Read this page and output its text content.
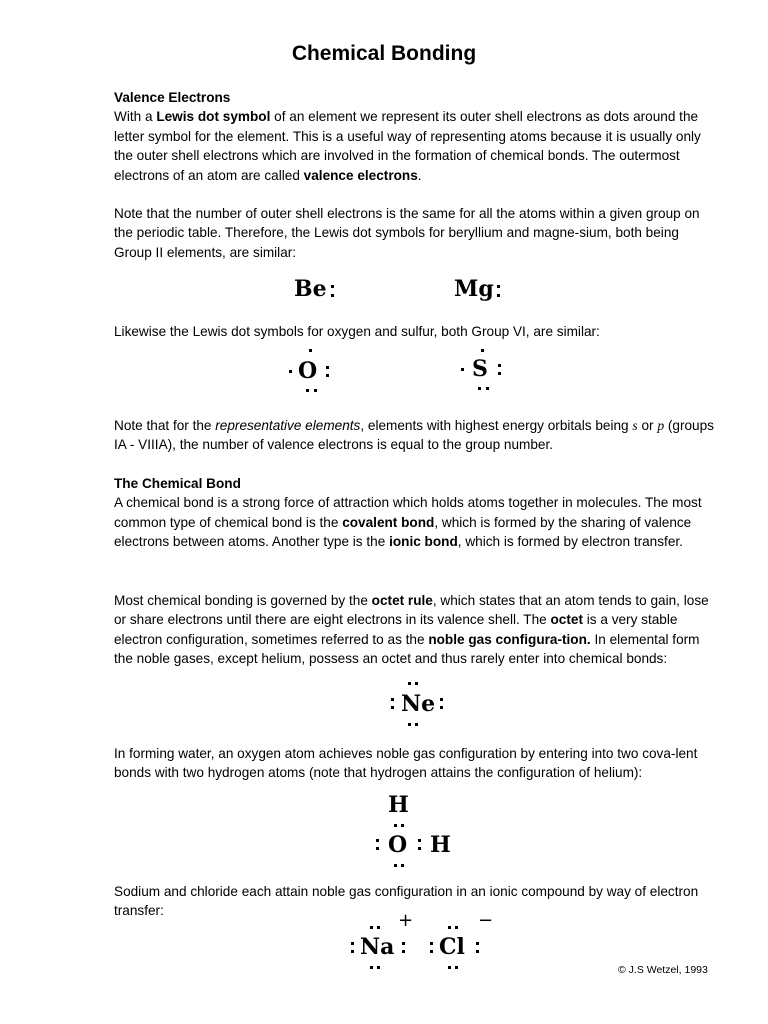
Chemical Bonding
Valence Electrons
With a Lewis dot symbol of an element we represent its outer shell electrons as dots around the letter symbol for the element. This is a useful way of representing atoms because it is usually only the outer shell electrons which are involved in the formation of chemical bonds. The outermost electrons of an atom are called valence electrons.
Note that the number of outer shell electrons is the same for all the atoms within a given group on the periodic table. Therefore, the Lewis dot symbols for beryllium and magne-sium, both being Group II elements, are similar:
Be	Mg
Likewise the Lewis dot symbols for oxygen and sulfur, both Group VI, are similar:
O	S
Note that for the representative elements, elements with highest energy orbitals being s or p (groups IA - VIIIA), the number of valence electrons is equal to the group number.
The Chemical Bond
A chemical bond is a strong force of attraction which holds atoms together in molecules. The most common type of chemical bond is the covalent bond, which is formed by the sharing of valence electrons between atoms. Another type is the ionic bond, which is formed by electron transfer.
Most chemical bonding is governed by the octet rule, which states that an atom tends to gain, lose or share electrons until there are eight electrons in its valence shell. The octet is a very stable electron configuration, sometimes referred to as the noble gas configura-tion. In elemental form the noble gases, except helium, possess an octet and thus rarely enter into chemical bonds:
Ne
In forming water, an oxygen atom achieves noble gas configuration by entering into two cova-lent bonds with two hydrogen atoms (note that hydrogen attains the configuration of helium):
H
O H
Sodium and chloride each attain noble gas configuration in an ionic compound by way of electron transfer:
Na
+
Cl
−
© J.S Wetzel, 1993
